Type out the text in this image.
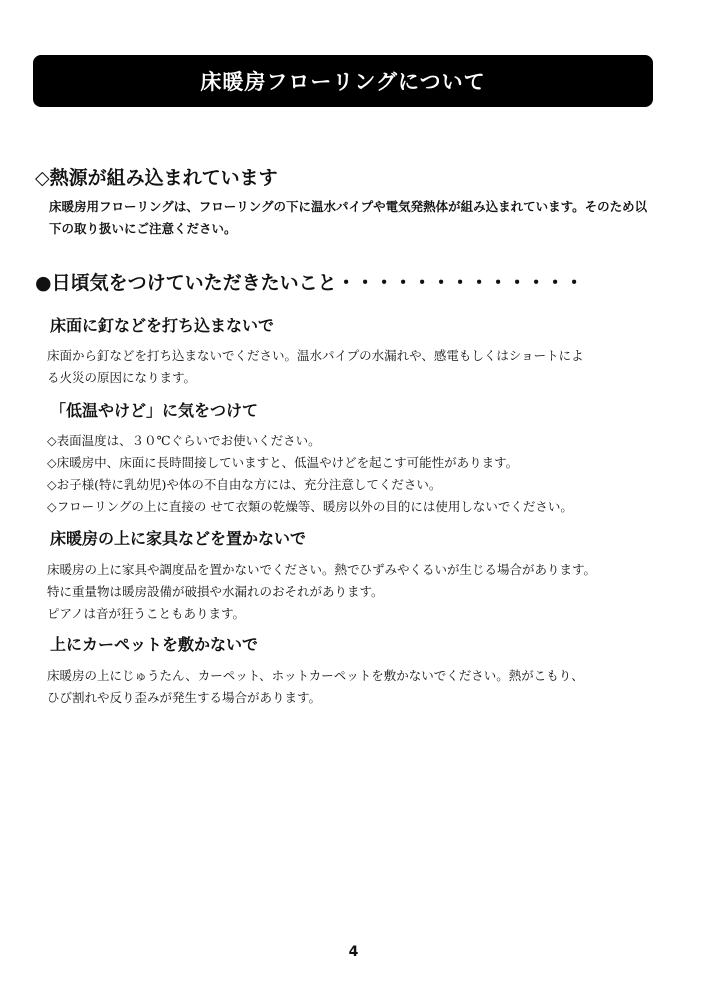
床暖房フローリングについて
◇熱源が組み込まれています
床暖房用フローリングは、フローリングの下に温水パイプや電気発熱体が組み込まれています。そのため以下の取り扱いにご注意ください。
●日頃気をつけていただきたいこと・・・・・・・・・・・・・
床面に釘などを打ち込まないで
床面から釘などを打ち込まないでください。温水パイプの水漏れや、感電もしくはショートによ
る火災の原因になります。
「低温やけど」に気をつけて
◇表面温度は、３０℃ぐらいでお使いください。
◇床暖房中、床面に長時間接していますと、低温やけどを起こす可能性があります。
◇お子様(特に乳幼児)や体の不自由な方には、充分注意してください。
◇フローリングの上に直接の せて衣類の乾燥等、暖房以外の目的には使用しないでください。
床暖房の上に家具などを置かないで
床暖房の上に家具や調度品を置かないでください。熱でひずみやくるいが生じる場合があります。
特に重量物は暖房設備が破損や水漏れのおそれがあります。
ピアノは音が狂うこともあります。
上にカーペットを敷かないで
床暖房の上にじゅうたん、カーペット、ホットカーペットを敷かないでください。熱がこもり、
ひび割れや反り歪みが発生する場合があります。
4
